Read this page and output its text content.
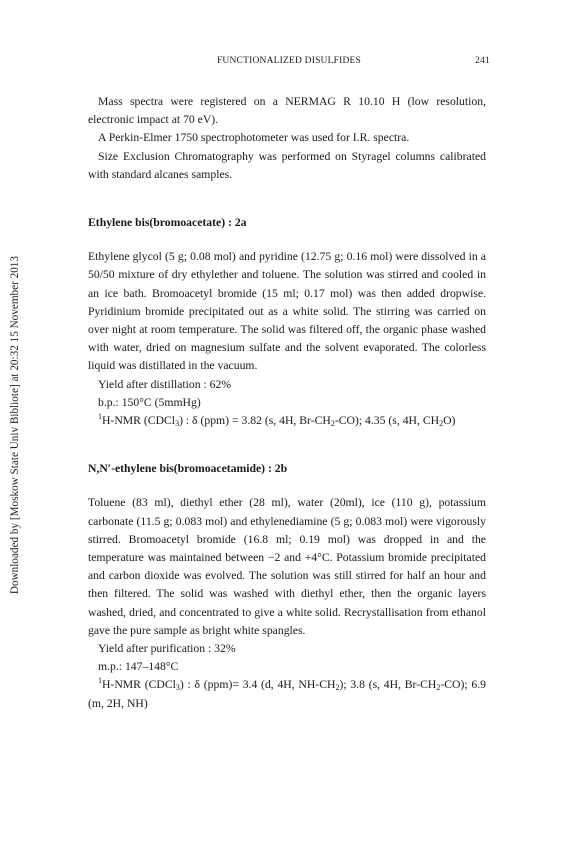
Downloaded by [Moskow State Univ Bibliote] at 20:32 15 November 2013
FUNCTIONALIZED DISULFIDES	241

Mass spectra were registered on a NERMAG R 10.10 H (low resolution, electronic impact at 70 eV).

A Perkin-Elmer 1750 spectrophotometer was used for I.R. spectra.

Size Exclusion Chromatography was performed on Styragel columns calibrated with standard alcanes samples.

Ethylene bis(bromoacetate) : 2a

Ethylene glycol (5 g; 0.08 mol) and pyridine (12.75 g; 0.16 mol) were dissolved in a 50/50 mixture of dry ethylether and toluene. The solution was stirred and cooled in an ice bath. Bromoacetyl bromide (15 ml; 0.17 mol) was then added dropwise. Pyridinium bromide precipitated out as a white solid. The stirring was carried on over night at room temperature. The solid was filtered off, the organic phase washed with water, dried on magnesium sulfate and the solvent evaporated. The colorless liquid was distillated in the vacuum.

Yield after distillation : 62%

b.p.: 150°C (5mmHg)

$^1$H-NMR (CDCl$_3$) : δ (ppm) = 3.82 (s, 4H, $Br-CH_2-CO$); 4.35 (s, 4H, $CH_2O$)

N,N′-ethylene bis(bromoacetamide) : 2b

Toluene (83 ml), diethyl ether (28 ml), water (20ml), ice (110 g), potassium carbonate (11.5 g; 0.083 mol) and ethylenediamine (5 g; 0.083 mol) were vigorously stirred. Bromoacetyl bromide (16.8 ml; 0.19 mol) was dropped in and the temperature was maintained between −2 and +4°C. Potassium bromide precipitated and carbon dioxide was evolved. The solution was still stirred for half an hour and then filtered. The solid was washed with diethyl ether, then the organic layers washed, dried, and concentrated to give a white solid. Recrystallisation from ethanol gave the pure sample as bright white spangles.

Yield after purification : 32%

m.p.: 147–148°C

$^1$H-NMR (CDCl$_3$) : δ (ppm)= 3.4 (d, 4H, $NH-CH_2$); 3.8 (s, 4H, $Br-CH_2-CO$); 6.9 (m, 2H, NH)
